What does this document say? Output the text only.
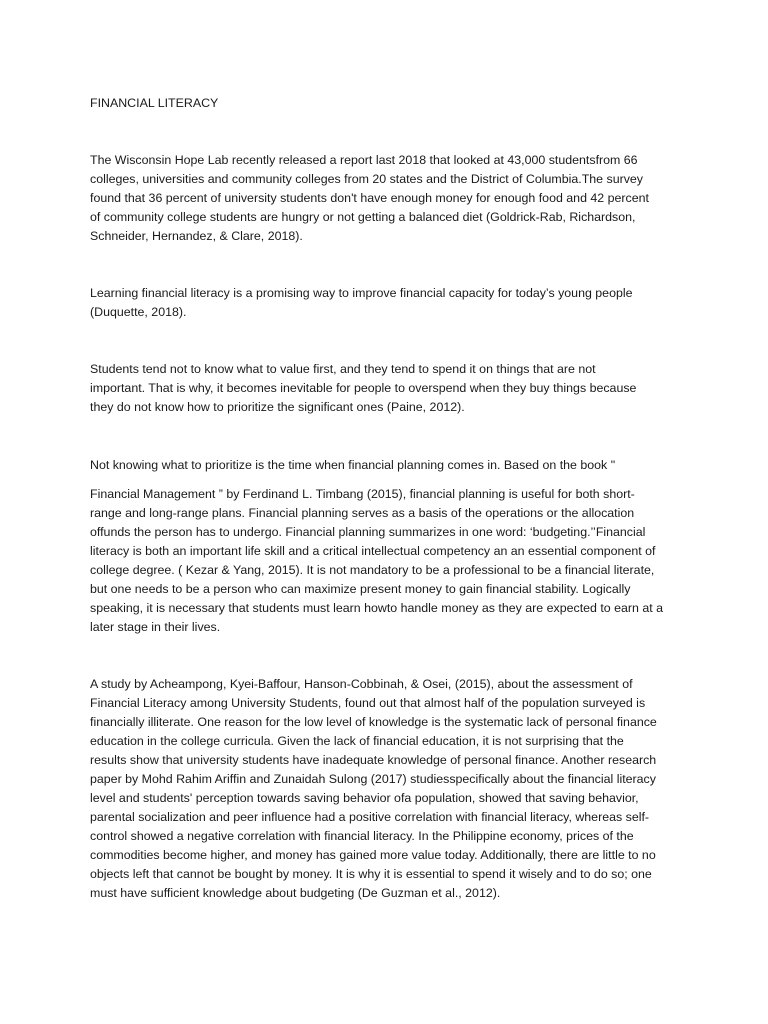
FINANCIAL LITERACY
The Wisconsin Hope Lab recently released a report last 2018 that looked at 43,000 studentsfrom 66
colleges, universities and community colleges from 20 states and the District of Columbia.The survey
found that 36 percent of university students don't have enough money for enough food and 42 percent
of community college students are hungry or not getting a balanced diet (Goldrick-Rab, Richardson,
Schneider, Hernandez, & Clare, 2018).
Learning financial literacy is a promising way to improve financial capacity for today’s young people
(Duquette, 2018).
Students tend not to know what to value first, and they tend to spend it on things that are not
important. That is why, it becomes inevitable for people to overspend when they buy things because
they do not know how to prioritize the significant ones (Paine, 2012).
Not knowing what to prioritize is the time when financial planning comes in. Based on the book "
Financial Management ” by Ferdinand L. Timbang (2015), financial planning is useful for both short-
range and long-range plans. Financial planning serves as a basis of the operations or the allocation
offunds the person has to undergo. Financial planning summarizes in one word: ‘budgeting.’’Financial
literacy is both an important life skill and a critical intellectual competency an an essential component of
college degree. ( Kezar & Yang, 2015). It is not mandatory to be a professional to be a financial literate,
but one needs to be a person who can maximize present money to gain financial stability. Logically
speaking, it is necessary that students must learn howto handle money as they are expected to earn at a
later stage in their lives.
A study by Acheampong, Kyei-Baffour, Hanson-Cobbinah, & Osei, (2015), about the assessment of
Financial Literacy among University Students, found out that almost half of the population surveyed is
financially illiterate. One reason for the low level of knowledge is the systematic lack of personal finance
education in the college curricula. Given the lack of financial education, it is not surprising that the
results show that university students have inadequate knowledge of personal finance. Another research
paper by Mohd Rahim Ariffin and Zunaidah Sulong (2017) studiesspecifically about the financial literacy
level and students' perception towards saving behavior ofa population, showed that saving behavior,
parental socialization and peer influence had a positive correlation with financial literacy, whereas self-
control showed a negative correlation with financial literacy. In the Philippine economy, prices of the
commodities become higher, and money has gained more value today. Additionally, there are little to no
objects left that cannot be bought by money. It is why it is essential to spend it wisely and to do so; one
must have sufficient knowledge about budgeting (De Guzman et al., 2012).
